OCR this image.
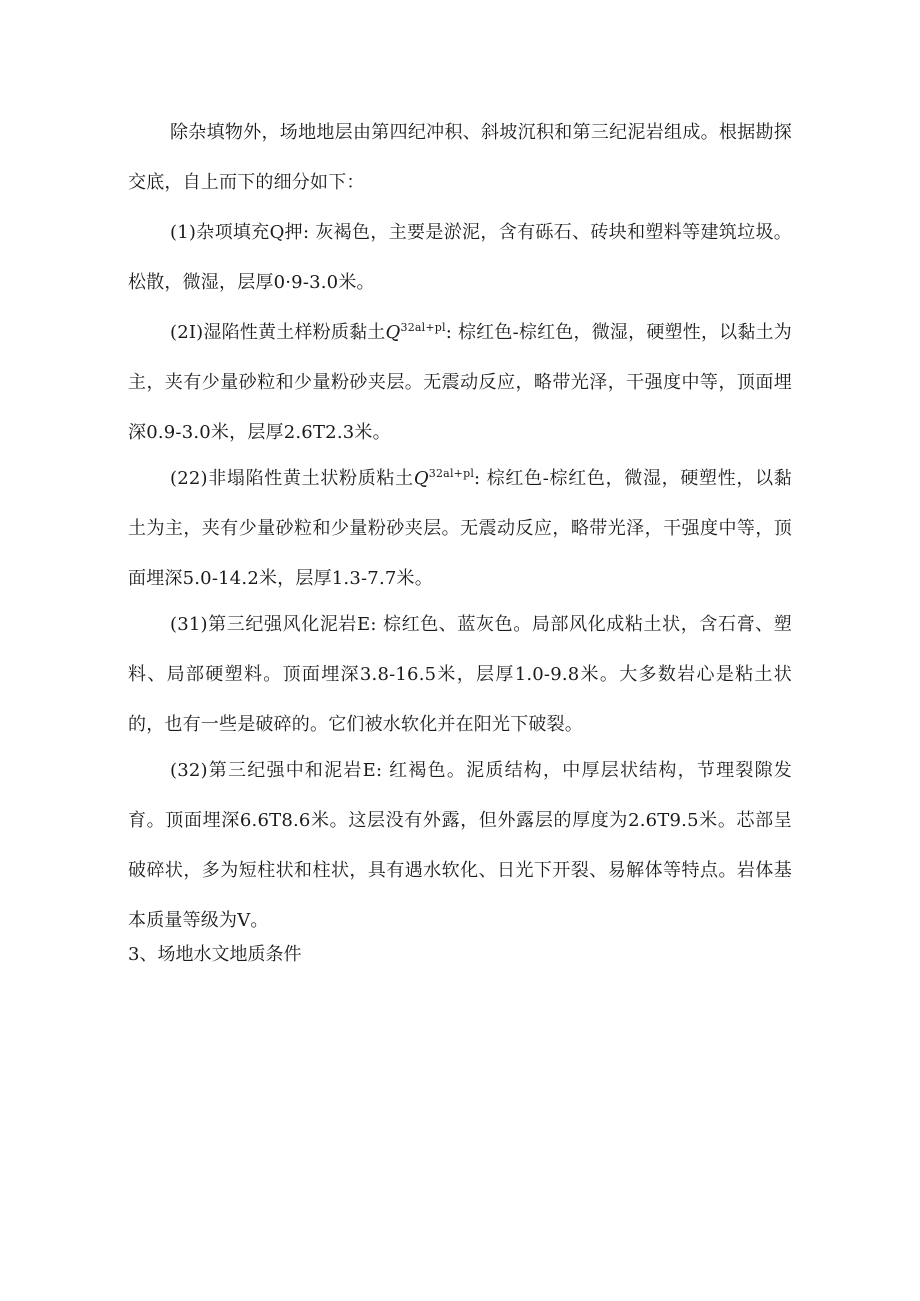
除杂填物外，场地地层由第四纪冲积、斜坡沉积和第三纪泥岩组成。根据勘探交底，自上而下的细分如下：

(1)杂项填充Q押: 灰褐色，主要是淤泥，含有砾石、砖块和塑料等建筑垃圾。松散，微湿，层厚0·9-3.0米。

(2I)湿陷性黄土样粉质黏土$Q^{32al+pl}$: 棕红色-棕红色，微湿，硬塑性，以黏土为主，夹有少量砂粒和少量粉砂夹层。无震动反应，略带光泽，干强度中等，顶面埋深0.9-3.0米，层厚2.6T2.3米。

(22)非塌陷性黄土状粉质粘土$Q^{32al+pl}$: 棕红色-棕红色，微湿，硬塑性，以黏土为主，夹有少量砂粒和少量粉砂夹层。无震动反应，略带光泽，干强度中等，顶面埋深5.0-14.2米，层厚1.3-7.7米。

(31)第三纪强风化泥岩E: 棕红色、蓝灰色。局部风化成粘土状，含石膏、塑料、局部硬塑料。顶面埋深3.8-16.5米，层厚1.0-9.8米。大多数岩心是粘土状的，也有一些是破碎的。它们被水软化并在阳光下破裂。

(32)第三纪强中和泥岩E: 红褐色。泥质结构，中厚层状结构，节理裂隙发育。顶面埋深6.6T8.6米。这层没有外露，但外露层的厚度为2.6T9.5米。芯部呈破碎状，多为短柱状和柱状，具有遇水软化、日光下开裂、易解体等特点。岩体基本质量等级为V。

3、场地水文地质条件
